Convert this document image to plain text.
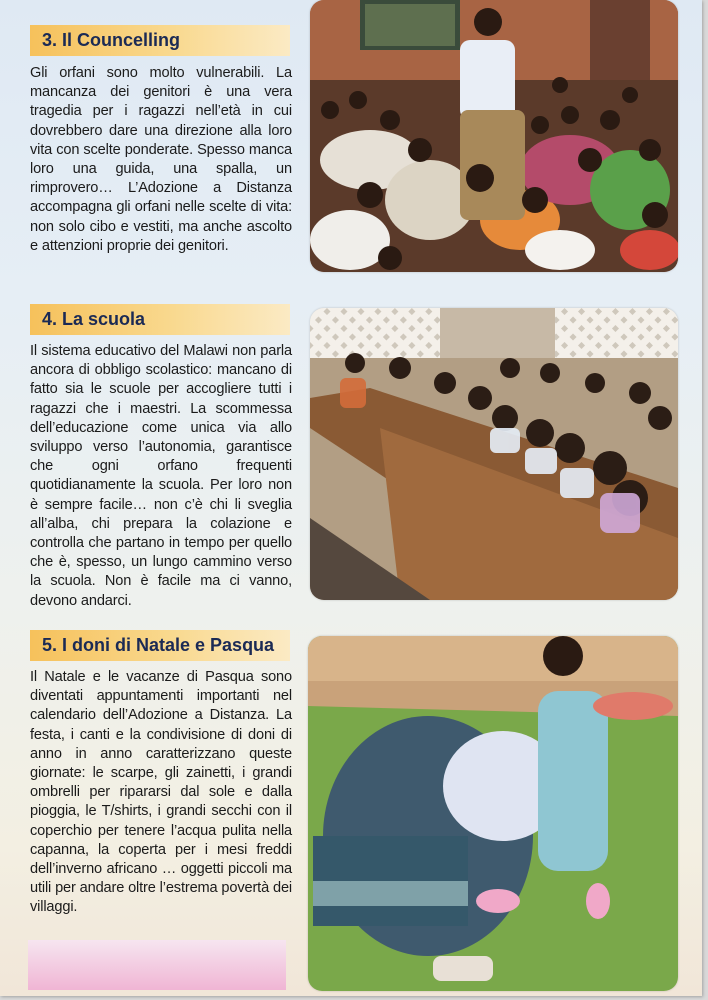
3. Il Councelling

Gli orfani sono molto vulnerabili. La mancanza dei genitori è una vera tragedia per i ragazzi nell’età in cui dovrebbero dare una direzione alla loro vita con scelte ponderate. Spesso manca loro una guida, una spalla, un rimprovero… L’Adozione a Distanza accompagna gli orfani nelle scelte di vita: non solo cibo e vestiti, ma anche ascolto e attenzioni proprie dei genitori.

4. La scuola

Il sistema educativo del Malawi non parla ancora di obbligo scolastico: mancano di fatto sia le scuole per accogliere tutti i ragazzi che i maestri. La scommessa dell’educazione come unica via allo sviluppo verso l’autonomia, garantisce che ogni orfano frequenti quotidianamente la scuola. Per loro non è sempre facile… non c’è chi li sveglia all’alba, chi prepara la colazione e controlla che partano in tempo per quello che è, spesso, un lungo cammino verso la scuola. Non è facile ma ci vanno, devono andarci.

5. I doni di Natale e Pasqua

Il Natale e le vacanze di Pasqua sono diventati appuntamenti importanti nel calendario dell’Adozione a Distanza. La festa, i canti e la condivisione di doni di anno in anno caratterizzano queste giornate: le scarpe, gli zainetti, i grandi ombrelli per ripararsi dal sole e dalla pioggia, le T/shirts, i grandi secchi con il coperchio per tenere l’acqua pulita nella capanna, la coperta per i mesi freddi dell’inverno africano … oggetti piccoli ma utili per andare oltre l’estrema povertà dei villaggi.
